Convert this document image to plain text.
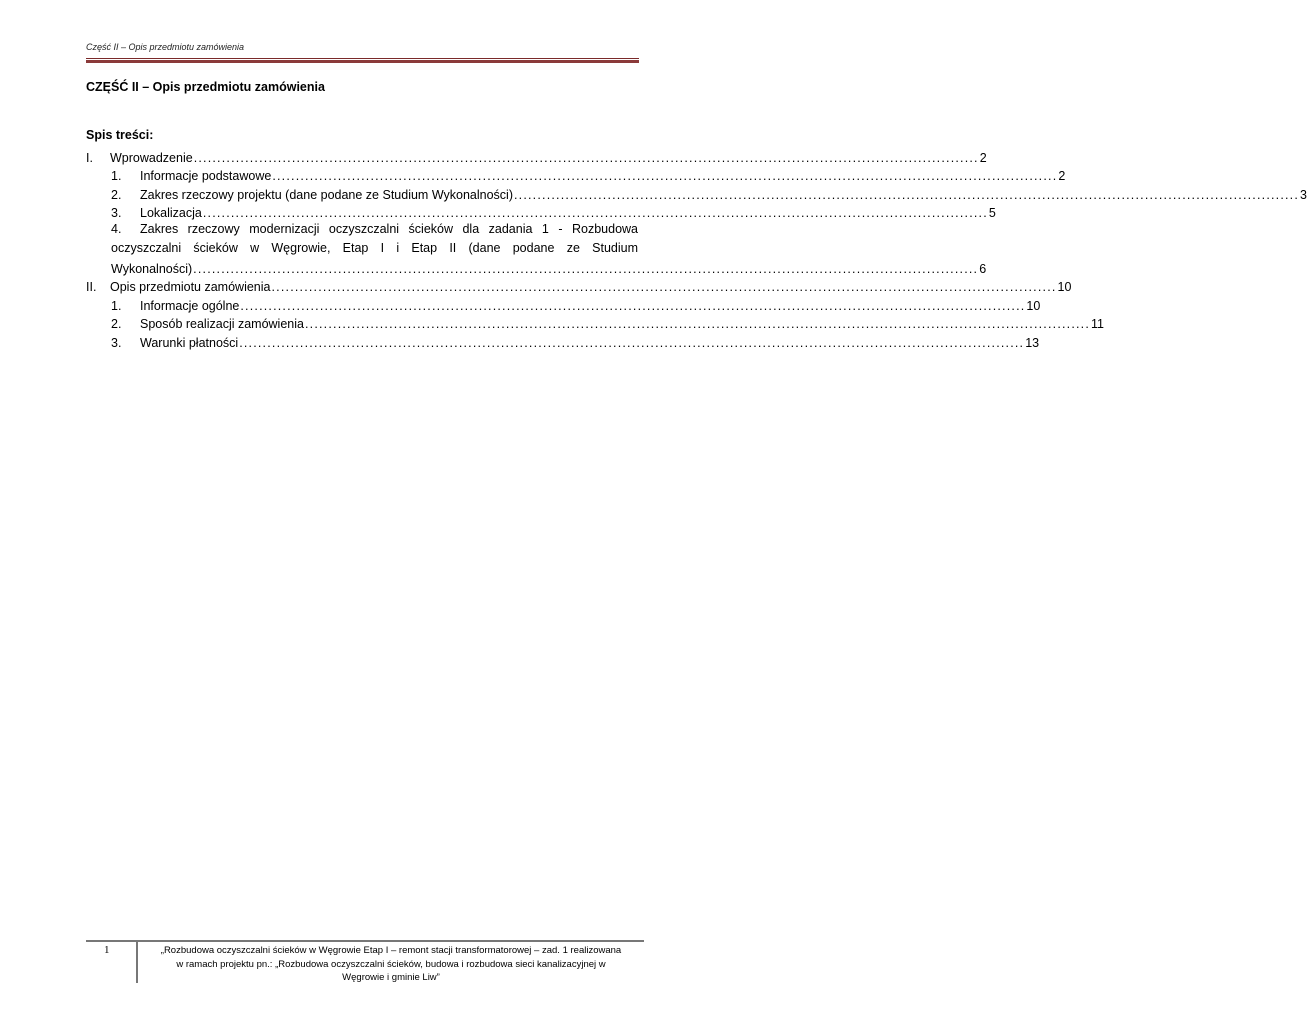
Część II – Opis przedmiotu zamówienia
CZĘŚĆ II – Opis przedmiotu zamówienia
Spis treści:
I.	Wprowadzenie ........................................................................................................................................................................ 2
1.	Informacje podstawowe ........................................................................................................................................................................ 2
2.	Zakres rzeczowy projektu (dane podane ze Studium Wykonalności) ........................................................................................................................................................................ 3
3.	Lokalizacja ........................................................................................................................................................................ 5
4. Zakres rzeczowy modernizacji oczyszczalni ścieków dla zadania 1 - Rozbudowa
oczyszczalni ścieków w Węgrowie, Etap I i Etap II (dane podane ze Studium
Wykonalności) ........................................................................................................................................................................ 6
II.	Opis przedmiotu zamówienia ........................................................................................................................................................................ 10
1.	Informacje ogólne ........................................................................................................................................................................ 10
2.	Sposób realizacji zamówienia ........................................................................................................................................................................ 11
3.	Warunki płatności ........................................................................................................................................................................ 13
1	„Rozbudowa oczyszczalni ścieków w Węgrowie Etap I – remont stacji transformatorowej – zad. 1 realizowana
w ramach projektu pn.: „Rozbudowa oczyszczalni ścieków, budowa i rozbudowa sieci kanalizacyjnej w
Węgrowie i gminie Liw”
